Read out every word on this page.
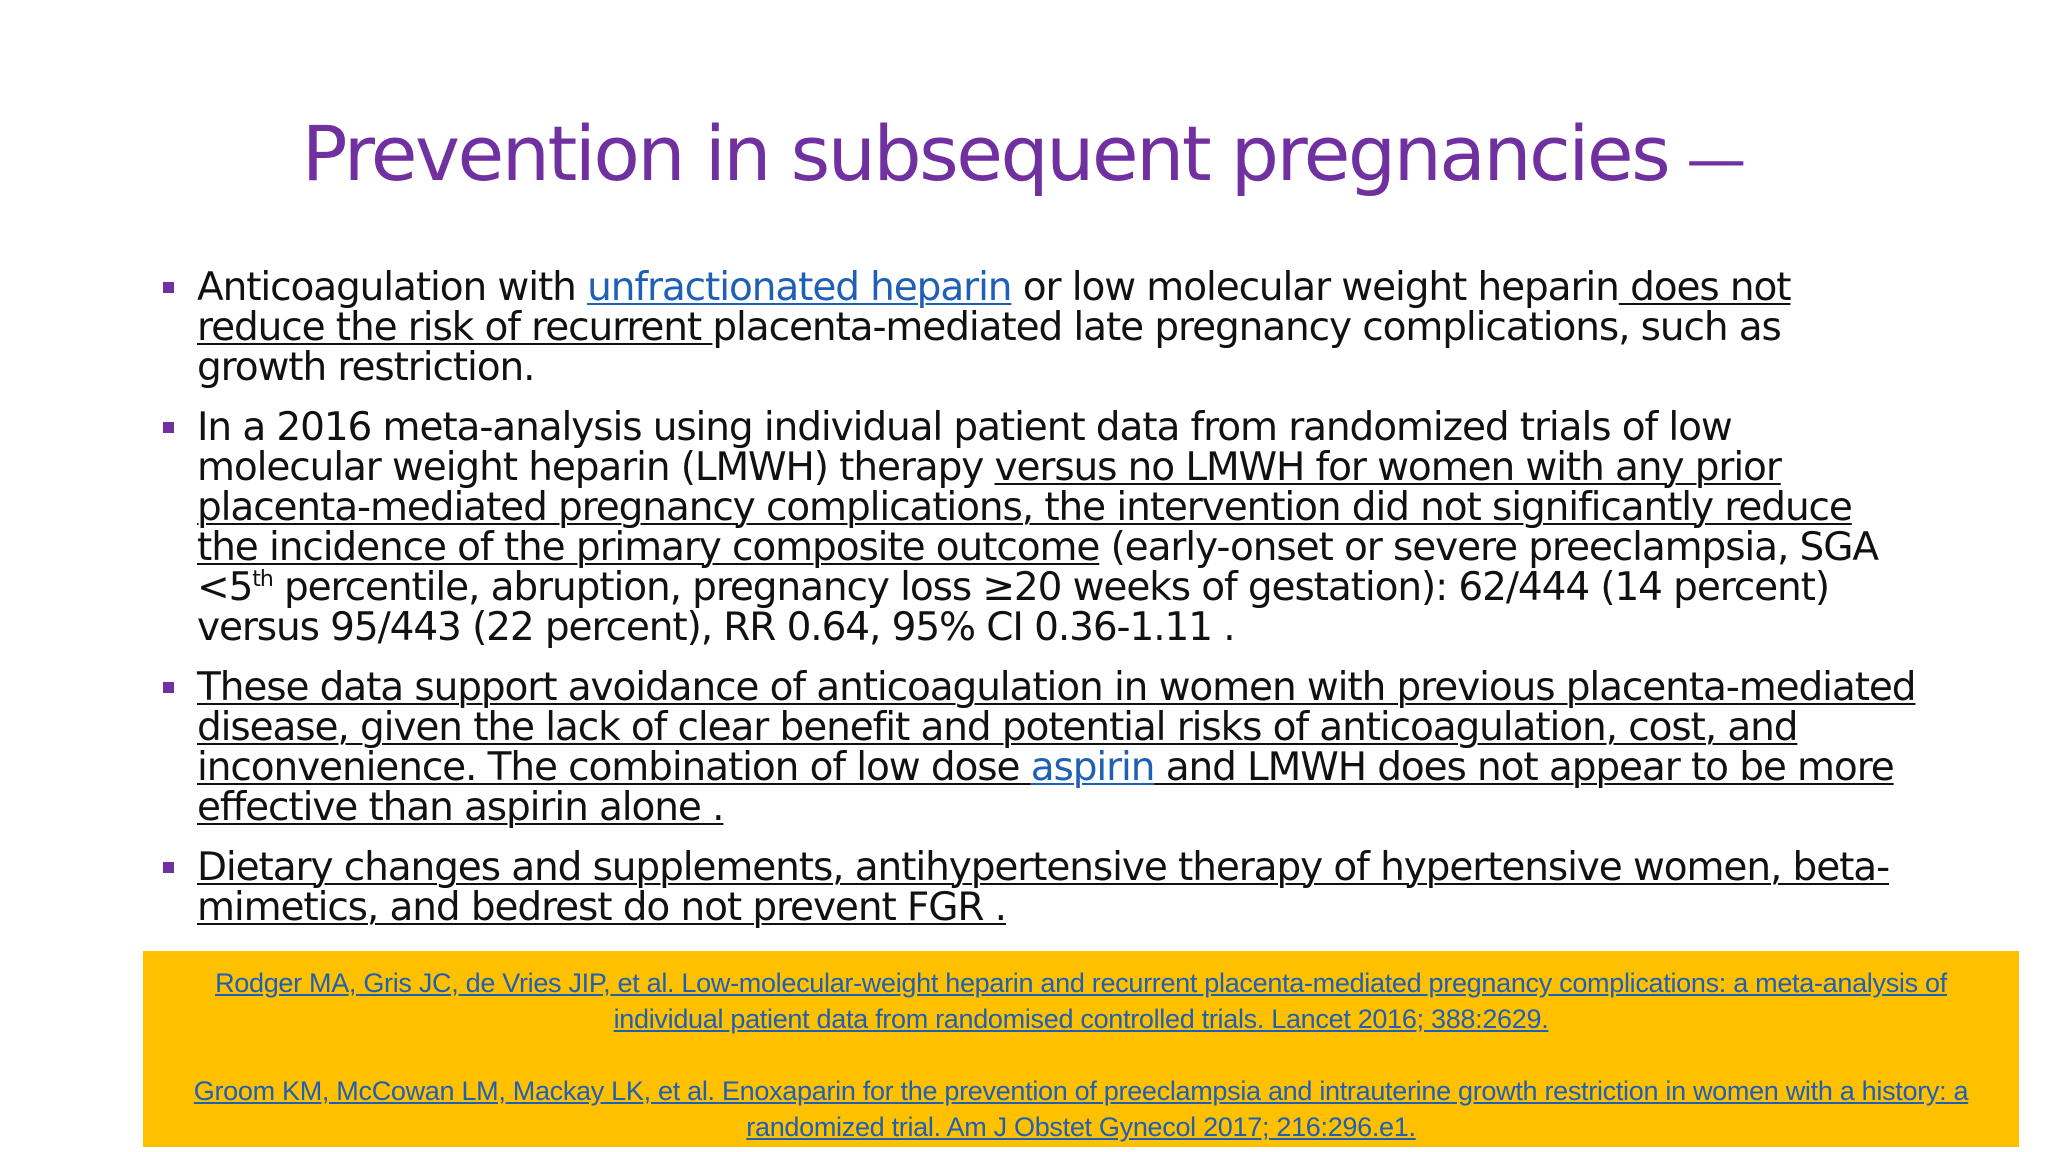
Prevention in subsequent pregnancies —
Anticoagulation with unfractionated heparin or low molecular weight heparin does not reduce the risk of recurrent placenta-mediated late pregnancy complications, such as growth restriction.
In a 2016 meta-analysis using individual patient data from randomized trials of low molecular weight heparin (LMWH) therapy versus no LMWH for women with any prior placenta-mediated pregnancy complications, the intervention did not significantly reduce the incidence of the primary composite outcome (early-onset or severe preeclampsia, SGA <5th percentile, abruption, pregnancy loss ≥20 weeks of gestation): 62/444 (14 percent) versus 95/443 (22 percent), RR 0.64, 95% CI 0.36-1.11 .
These data support avoidance of anticoagulation in women with previous placenta-mediated disease, given the lack of clear benefit and potential risks of anticoagulation, cost, and inconvenience. The combination of low dose aspirin and LMWH does not appear to be more effective than aspirin alone .
Dietary changes and supplements, antihypertensive therapy of hypertensive women, beta-mimetics, and bedrest do not prevent FGR .

Rodger MA, Gris JC, de Vries JIP, et al. Low-molecular-weight heparin and recurrent placenta-mediated pregnancy complications: a meta-analysis of individual patient data from randomised controlled trials. Lancet 2016; 388:2629.

Groom KM, McCowan LM, Mackay LK, et al. Enoxaparin for the prevention of preeclampsia and intrauterine growth restriction in women with a history: a randomized trial. Am J Obstet Gynecol 2017; 216:296.e1.
